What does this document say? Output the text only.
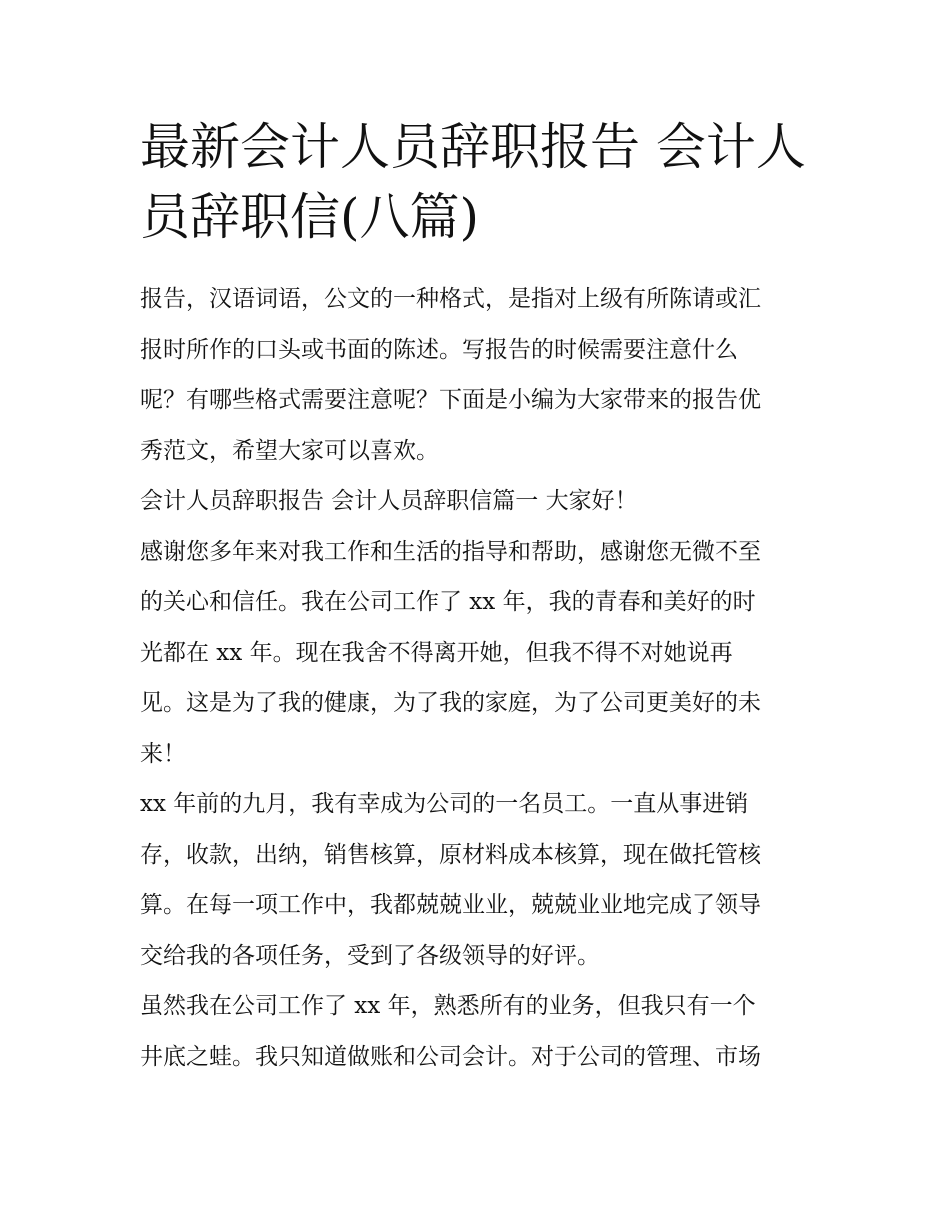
最新会计人员辞职报告 会计人
员辞职信(八篇)
报告，汉语词语，公文的一种格式，是指对上级有所陈请或汇
报时所作的口头或书面的陈述。写报告的时候需要注意什么
呢？有哪些格式需要注意呢？下面是小编为大家带来的报告优
秀范文，希望大家可以喜欢。
会计人员辞职报告 会计人员辞职信篇一 大家好！
感谢您多年来对我工作和生活的指导和帮助，感谢您无微不至
的关心和信任。我在公司工作了 xx 年，我的青春和美好的时
光都在 xx 年。现在我舍不得离开她，但我不得不对她说再
见。这是为了我的健康，为了我的家庭，为了公司更美好的未
来！
xx 年前的九月，我有幸成为公司的一名员工。一直从事进销
存，收款，出纳，销售核算，原材料成本核算，现在做托管核
算。在每一项工作中，我都兢兢业业，兢兢业业地完成了领导
交给我的各项任务，受到了各级领导的好评。
虽然我在公司工作了 xx 年，熟悉所有的业务，但我只有一个
井底之蛙。我只知道做账和公司会计。对于公司的管理、市场
